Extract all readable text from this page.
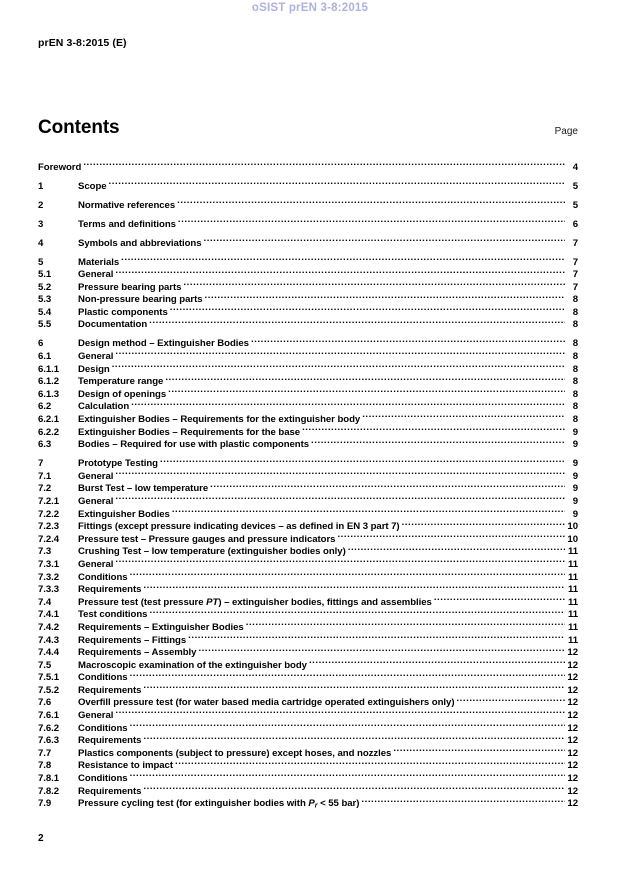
oSIST prEN 3-8:2015
prEN 3-8:2015 (E)
Page
Contents
Foreword .....	4
1	Scope .....	5
2	Normative references .....	5
3	Terms and definitions .....	6
4	Symbols and abbreviations .....	7
5	Materials .....	7
5.1	General .....	7
5.2	Pressure bearing parts .....	7
5.3	Non-pressure bearing parts .....	8
5.4	Plastic components .....	8
5.5	Documentation .....	8
6	Design method – Extinguisher Bodies .....	8
6.1	General .....	8
6.1.1	Design .....	8
6.1.2	Temperature range .....	8
6.1.3	Design of openings .....	8
6.2	Calculation .....	8
6.2.1	Extinguisher Bodies – Requirements for the extinguisher body .....	8
6.2.2	Extinguisher Bodies – Requirements for the base .....	9
6.3	Bodies – Required for use with plastic components .....	9
7	Prototype Testing .....	9
7.1	General .....	9
7.2	Burst Test – low temperature .....	9
7.2.1	General .....	9
7.2.2	Extinguisher Bodies .....	9
7.2.3	Fittings (except pressure indicating devices – as defined in EN 3 part 7) .....	10
7.2.4	Pressure test – Pressure gauges and pressure indicators .....	10
7.3	Crushing Test – low temperature (extinguisher bodies only) .....	11
7.3.1	General .....	11
7.3.2	Conditions .....	11
7.3.3	Requirements .....	11
7.4	Pressure test (test pressure PT) – extinguisher bodies, fittings and assemblies .....	11
7.4.1	Test conditions .....	11
7.4.2	Requirements – Extinguisher Bodies .....	11
7.4.3	Requirements – Fittings .....	11
7.4.4	Requirements – Assembly .....	12
7.5	Macroscopic examination of the extinguisher body .....	12
7.5.1	Conditions .....	12
7.5.2	Requirements .....	12
7.6	Overfill pressure test (for water based media cartridge operated extinguishers only) .....	12
7.6.1	General .....	12
7.6.2	Conditions .....	12
7.6.3	Requirements .....	12
7.7	Plastics components (subject to pressure) except hoses, and nozzles .....	12
7.8	Resistance to impact .....	12
7.8.1	Conditions .....	12
7.8.2	Requirements .....	12
7.9	Pressure cycling test (for extinguisher bodies with $P_r < 55$ bar) .....	12
2
